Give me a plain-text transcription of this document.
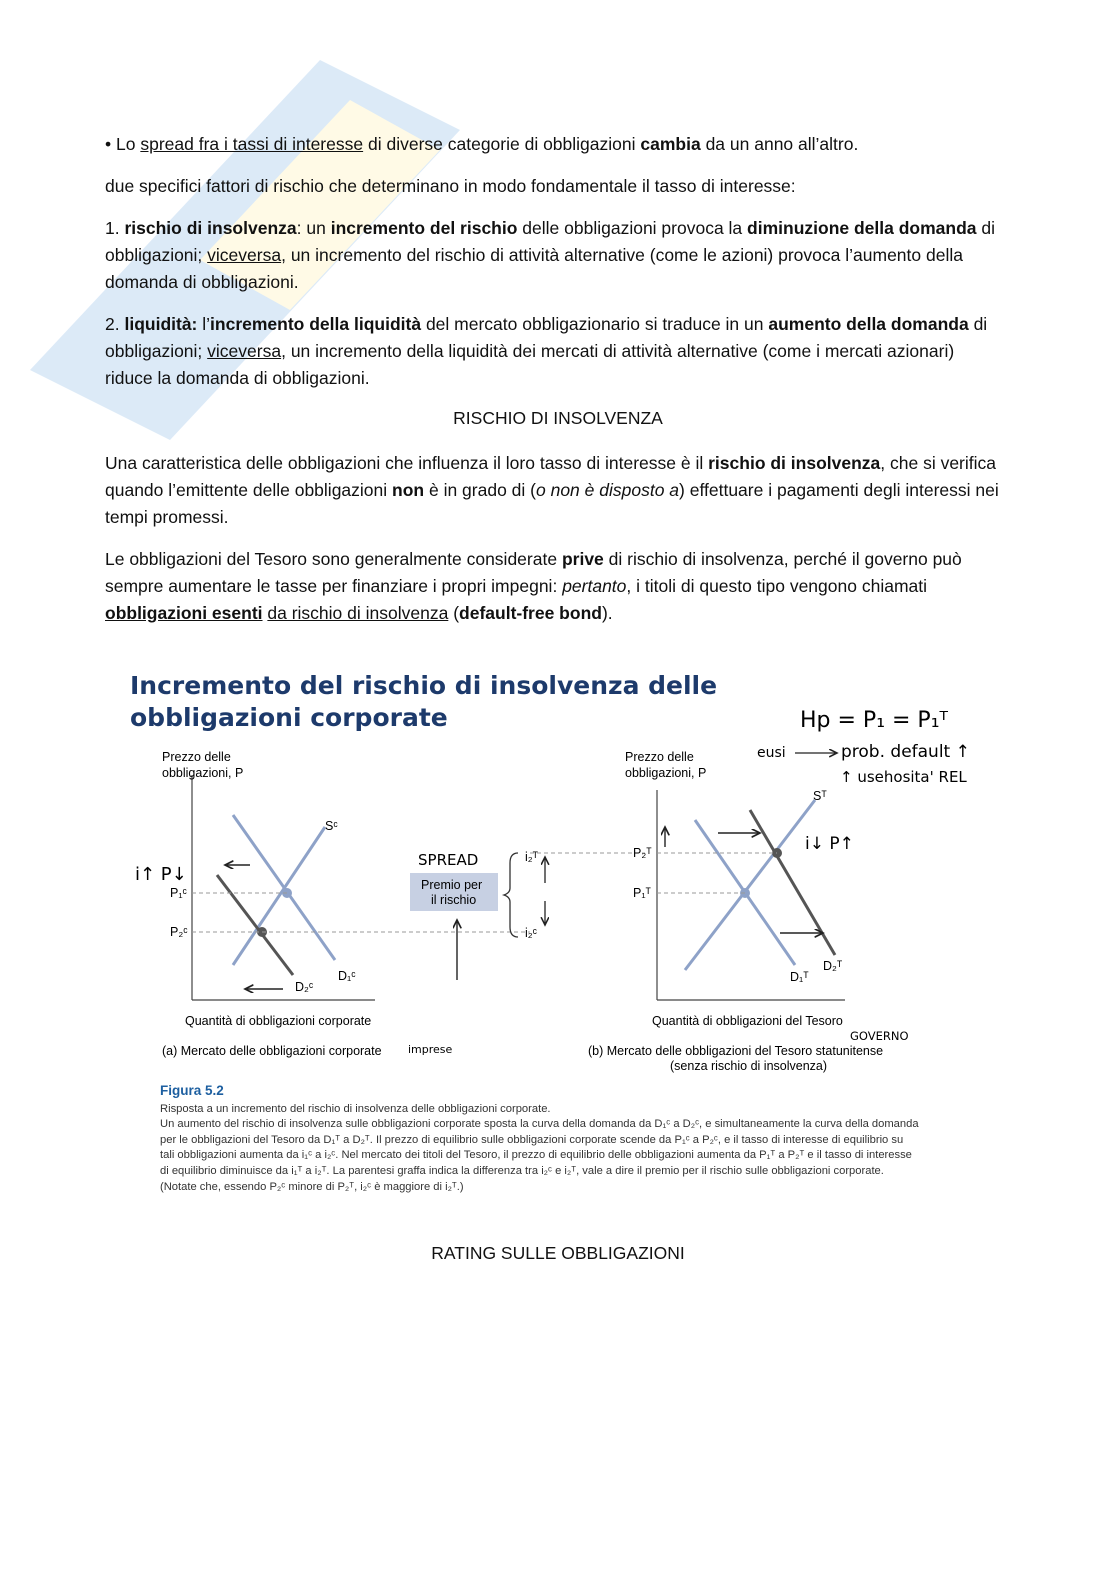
• Lo spread fra i tassi di interesse di diverse categorie di obbligazioni cambia da un anno all’altro.

due specifici fattori di rischio che determinano in modo fondamentale il tasso di interesse:

1. rischio di insolvenza: un incremento del rischio delle obbligazioni provoca la diminuzione della domanda di obbligazioni; viceversa, un incremento del rischio di attività alternative (come le azioni) provoca l’aumento della domanda di obbligazioni.

2. liquidità: l’incremento della liquidità del mercato obbligazionario si traduce in un aumento della domanda di obbligazioni; viceversa, un incremento della liquidità dei mercati di attività alternative (come i mercati azionari) riduce la domanda di obbligazioni.

RISCHIO DI INSOLVENZA

Una caratteristica delle obbligazioni che influenza il loro tasso di interesse è il rischio di insolvenza, che si verifica quando l’emittente delle obbligazioni non è in grado di (o non è disposto a) effettuare i pagamenti degli interessi nei tempi promessi.

Le obbligazioni del Tesoro sono generalmente considerate prive di rischio di insolvenza, perché il governo può sempre aumentare le tasse per finanziare i propri impegni: pertanto, i titoli di questo tipo vengono chiamati obbligazioni esenti da rischio di insolvenza (default-free bond).

Incremento del rischio di insolvenza delle
obbligazioni corporate
Prezzo delle
obbligazioni, P
Quantità di obbligazioni corporate
(a) Mercato delle obbligazioni corporate
P₁ᶜ
P₂ᶜ
Sᶜ
D₁ᶜ
D₂ᶜ
i↑ P↓
SPREAD
Premio per
il rischio
i₂ᵀ
i₂ᶜ
Prezzo delle
obbligazioni, P
Quantità di obbligazioni del Tesoro
(b) Mercato delle obbligazioni del Tesoro statunitense
(senza rischio di insolvenza)
P₂ᵀ
P₁ᵀ
Sᵀ
D₁ᵀ
D₂ᵀ
i↓ P↑
Hp = P₁ = P₁ᵀ
eusi	prob. default ↑
↑ usehosita' REL
imprese
GOVERNO
Figura 5.2
Risposta a un incremento del rischio di insolvenza delle obbligazioni corporate.
Un aumento del rischio di insolvenza sulle obbligazioni corporate sposta la curva della domanda da D₁ᶜ a D₂ᶜ, e simultaneamente la curva della domanda per le obbligazioni del Tesoro da D₁ᵀ a D₂ᵀ. Il prezzo di equilibrio sulle obbligazioni corporate scende da P₁ᶜ a P₂ᶜ, e il tasso di interesse di equilibrio su tali obbligazioni aumenta da i₁ᶜ a i₂ᶜ. Nel mercato dei titoli del Tesoro, il prezzo di equilibrio delle obbligazioni aumenta da P₁ᵀ a P₂ᵀ e il tasso di interesse di equilibrio diminuisce da i₁ᵀ a i₂ᵀ. La parentesi graffa indica la differenza tra i₂ᶜ e i₂ᵀ, vale a dire il premio per il rischio sulle obbligazioni corporate. (Notate che, essendo P₂ᶜ minore di P₂ᵀ, i₂ᶜ è maggiore di i₂ᵀ.)
RATING SULLE OBBLIGAZIONI
